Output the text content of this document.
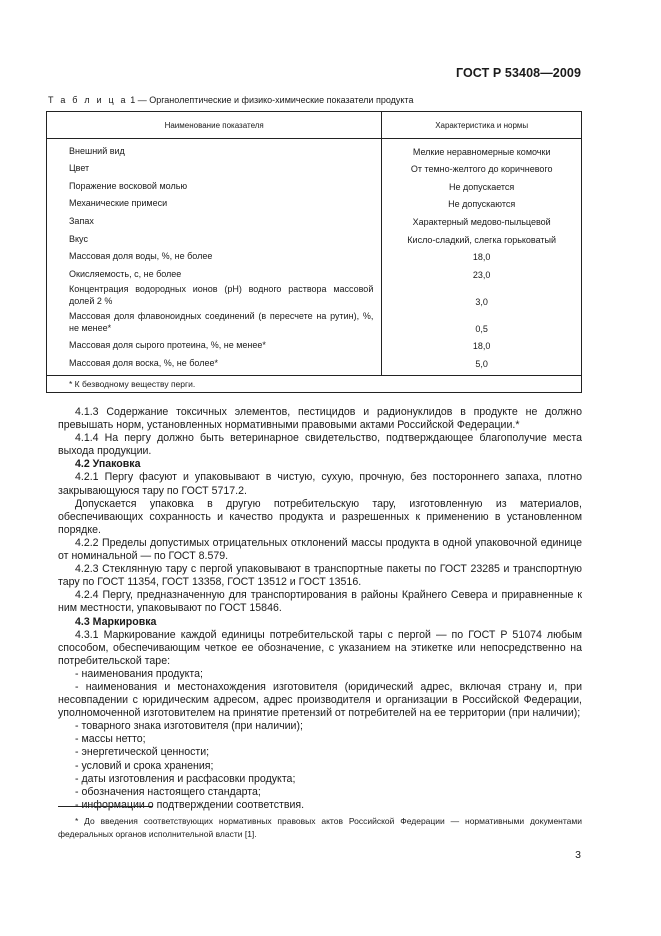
ГОСТ Р 53408—2009
Т а б л и ц а 1 — Органолептические и физико-химические показатели продукта
Наименование показателя	Характеристика и нормы
Внешний вид	Мелкие неравномерные комочки
Цвет	От темно-желтого до коричневого
Поражение восковой молью	Не допускается
Механические примеси	Не допускаются
Запах	Характерный медово-пыльцевой
Вкус	Кисло-сладкий, слегка горьковатый
Массовая доля воды, %, не более	18,0
Окисляемость, с, не более	23,0
Концентрация водородных ионов (рН) водного раствора массовой долей 2 %	3,0
Массовая доля флавоноидных соединений (в пересчете на рутин), %, не менее*	0,5
Массовая доля сырого протеина, %, не менее*	18,0
Массовая доля воска, %, не более*	5,0

* К безводному веществу перги.	

4.1.3 Содержание токсичных элементов, пестицидов и радионуклидов в продукте не должно превышать норм, установленных нормативными правовыми актами Российской Федерации.*

4.1.4 На пергу должно быть ветеринарное свидетельство, подтверждающее благополучие места выхода продукции.

4.2 Упаковка

4.2.1 Пергу фасуют и упаковывают в чистую, сухую, прочную, без постороннего запаха, плотно закрывающуюся тару по ГОСТ 5717.2.

Допускается упаковка в другую потребительскую тару, изготовленную из материалов, обеспечивающих сохранность и качество продукта и разрешенных к применению в установленном порядке.

4.2.2 Пределы допустимых отрицательных отклонений массы продукта в одной упаковочной единице от номинальной — по ГОСТ 8.579.

4.2.3 Стеклянную тару с пергой упаковывают в транспортные пакеты по ГОСТ 23285 и транспортную тару по ГОСТ 11354, ГОСТ 13358, ГОСТ 13512 и ГОСТ 13516.

4.2.4 Пергу, предназначенную для транспортирования в районы Крайнего Севера и приравненные к ним местности, упаковывают по ГОСТ 15846.

4.3 Маркировка

4.3.1 Маркирование каждой единицы потребительской тары с пергой — по ГОСТ Р 51074 любым способом, обеспечивающим четкое ее обозначение, с указанием на этикетке или непосредственно на потребительской таре:

- наименования продукта;

- наименования и местонахождения изготовителя (юридический адрес, включая страну и, при несовпадении с юридическим адресом, адрес производителя и организации в Российской Федерации, уполномоченной изготовителем на принятие претензий от потребителей на ее территории (при наличии);

- товарного знака изготовителя (при наличии);

- массы нетто;

- энергетической ценности;

- условий и срока хранения;

- даты изготовления и расфасовки продукта;

- обозначения настоящего стандарта;

- информации о подтверждении соответствия.

* До введения соответствующих нормативных правовых актов Российской Федерации — нормативными документами федеральных органов исполнительной власти [1].
3
